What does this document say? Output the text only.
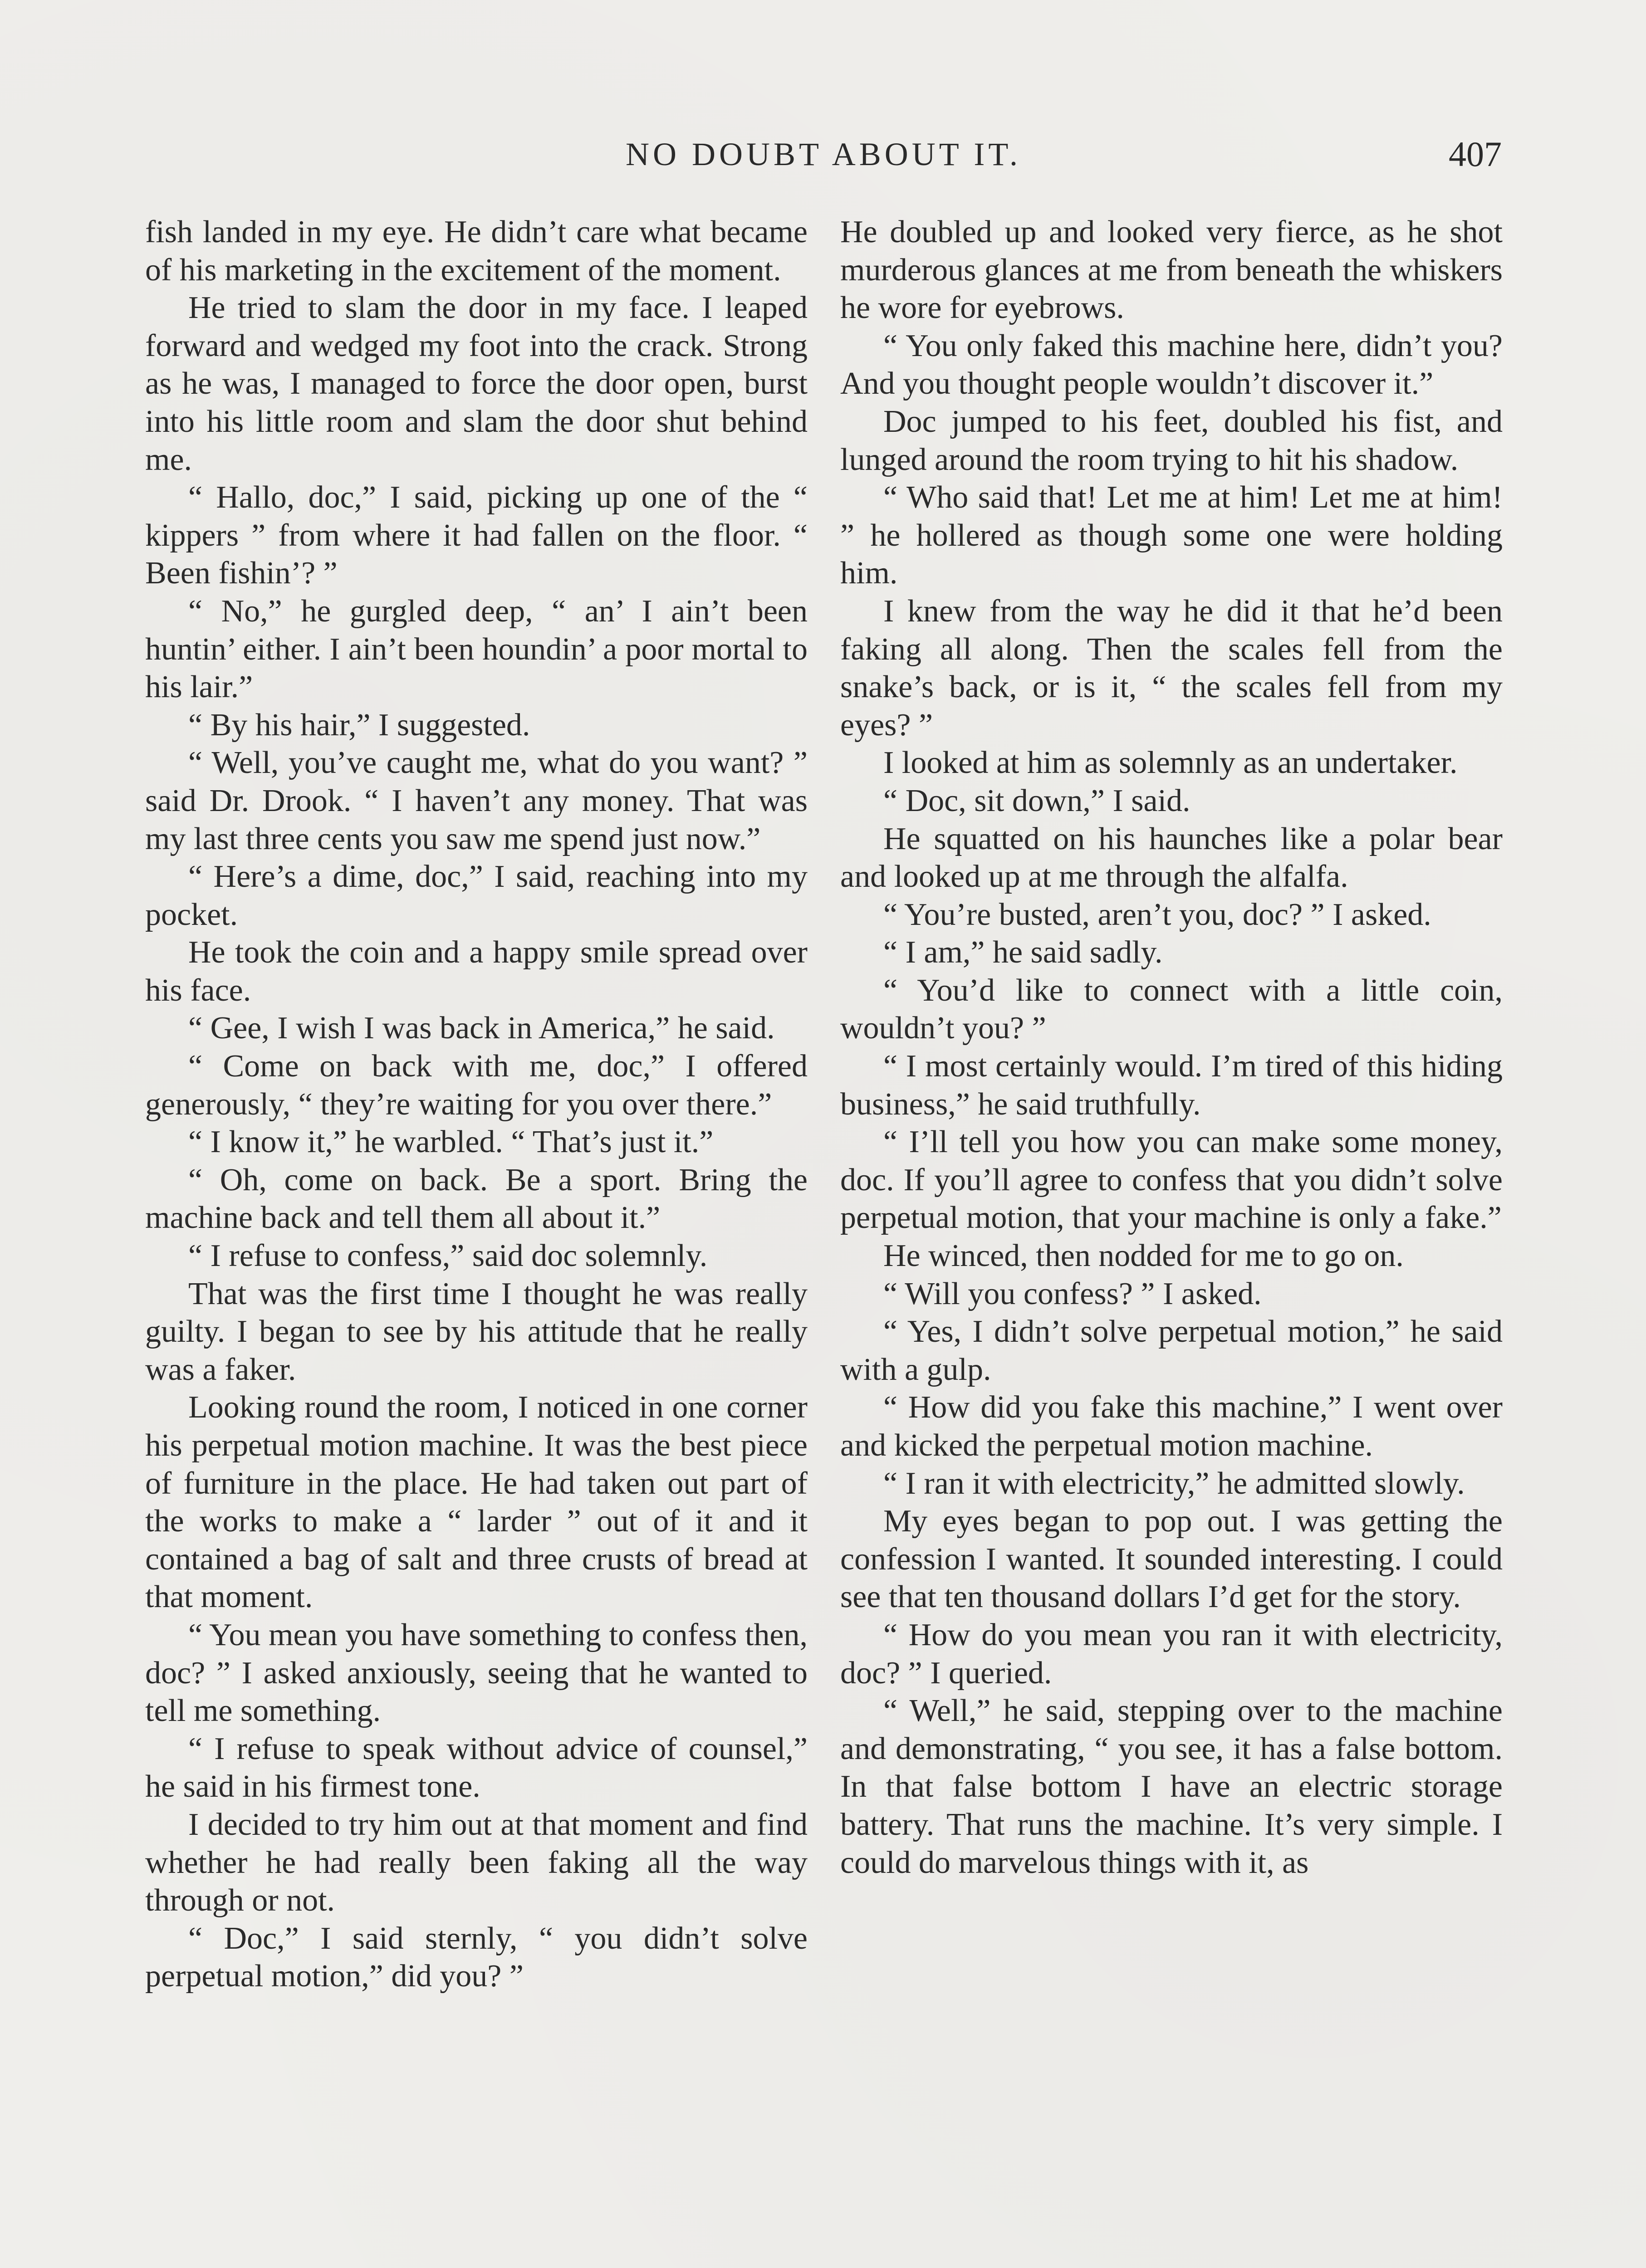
NO DOUBT ABOUT IT.	407

fish landed in my eye. He didn’t care what became of his marketing in the excitement of the moment.

He tried to slam the door in my face. I leaped forward and wedged my foot into the crack. Strong as he was, I managed to force the door open, burst into his little room and slam the door shut behind me.

“ Hallo, doc,” I said, picking up one of the “ kippers ” from where it had fallen on the floor. “ Been fishin’? ”

“ No,” he gurgled deep, “ an’ I ain’t been huntin’ either. I ain’t been houndin’ a poor mortal to his lair.”

“ By his hair,” I suggested.

“ Well, you’ve caught me, what do you want? ” said Dr. Drook. “ I haven’t any money. That was my last three cents you saw me spend just now.”

“ Here’s a dime, doc,” I said, reaching into my pocket.

He took the coin and a happy smile spread over his face.

“ Gee, I wish I was back in America,” he said.

“ Come on back with me, doc,” I offered generously, “ they’re waiting for you over there.”

“ I know it,” he warbled. “ That’s just it.”

“ Oh, come on back. Be a sport. Bring the machine back and tell them all about it.”

“ I refuse to confess,” said doc solemnly.

That was the first time I thought he was really guilty. I began to see by his attitude that he really was a faker.

Looking round the room, I noticed in one corner his perpetual motion machine. It was the best piece of furniture in the place. He had taken out part of the works to make a “ larder ” out of it and it contained a bag of salt and three crusts of bread at that moment.

“ You mean you have something to confess then, doc? ” I asked anxiously, seeing that he wanted to tell me something.

“ I refuse to speak without advice of counsel,” he said in his firmest tone.

I decided to try him out at that moment and find whether he had really been faking all the way through or not.

“ Doc,” I said sternly, “ you didn’t solve perpetual motion,” did you? ”

He doubled up and looked very fierce, as he shot murderous glances at me from beneath the whiskers he wore for eyebrows.

“ You only faked this machine here, didn’t you? And you thought people wouldn’t discover it.”

Doc jumped to his feet, doubled his fist, and lunged around the room trying to hit his shadow.

“ Who said that! Let me at him! Let me at him! ” he hollered as though some one were holding him.

I knew from the way he did it that he’d been faking all along. Then the scales fell from the snake’s back, or is it, “ the scales fell from my eyes? ”

I looked at him as solemnly as an undertaker.

“ Doc, sit down,” I said.

He squatted on his haunches like a polar bear and looked up at me through the alfalfa.

“ You’re busted, aren’t you, doc? ” I asked.

“ I am,” he said sadly.

“ You’d like to connect with a little coin, wouldn’t you? ”

“ I most certainly would. I’m tired of this hiding business,” he said truthfully.

“ I’ll tell you how you can make some money, doc. If you’ll agree to confess that you didn’t solve perpetual motion, that your machine is only a fake.”

He winced, then nodded for me to go on.

“ Will you confess? ” I asked.

“ Yes, I didn’t solve perpetual motion,” he said with a gulp.

“ How did you fake this machine,” I went over and kicked the perpetual motion machine.

“ I ran it with electricity,” he admitted slowly.

My eyes began to pop out. I was getting the confession I wanted. It sounded interesting. I could see that ten thousand dollars I’d get for the story.

“ How do you mean you ran it with electricity, doc? ” I queried.

“ Well,” he said, stepping over to the machine and demonstrating, “ you see, it has a false bottom. In that false bottom I have an electric storage battery. That runs the machine. It’s very simple. I could do marvelous things with it, as
